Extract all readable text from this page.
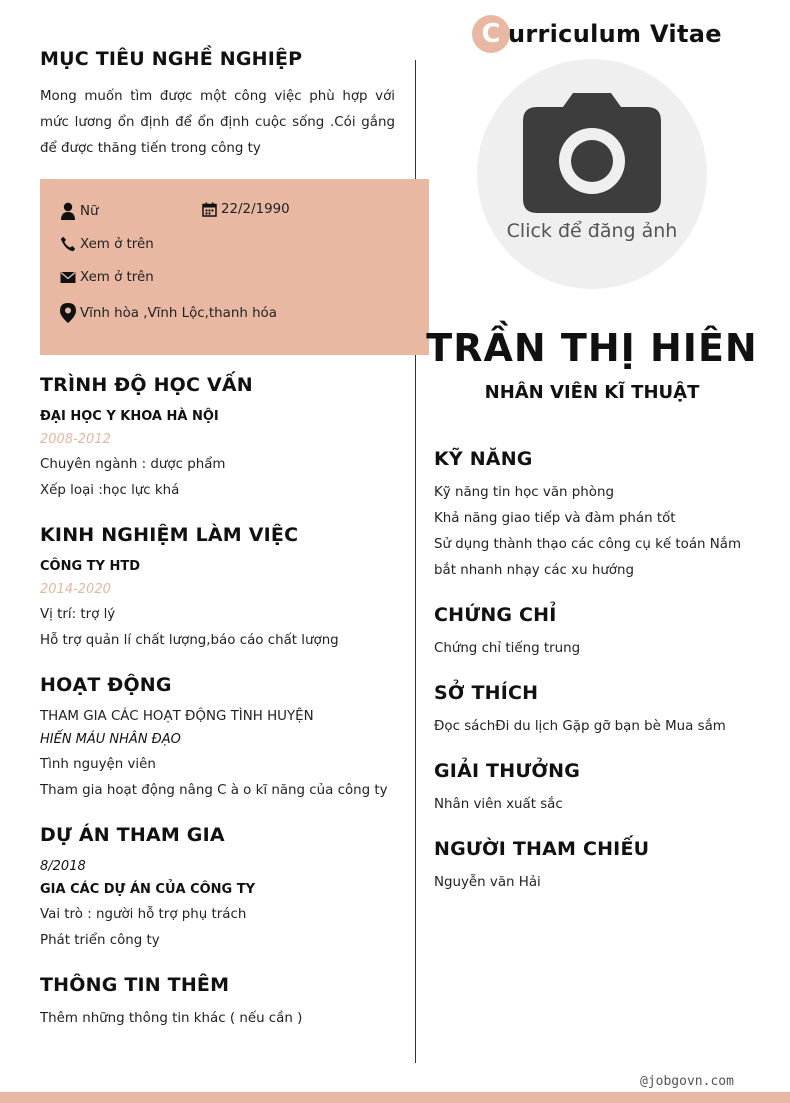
C urriculum Vitae
Click để đăng ảnh
MỤC TIÊU NGHỀ NGHIỆP
Mong muốn tìm được một công việc phù hợp với mức lương ổn định để ổn định cuộc sống .Cói gắng để được thăng tiến trong công ty
Nữ	22/2/1990
Xem ở trên
Xem ở trên
Vĩnh hòa ,Vĩnh Lộc,thanh hóa
TRÌNH ĐỘ HỌC VẤN
ĐẠI HỌC Y KHOA HÀ NỘI
2008-2012
Chuyên ngành : dược phẩm
Xếp loại :học lực khá
KINH NGHIỆM LÀM VIỆC
CÔNG TY HTD
2014-2020
Vị trí: trợ lý
Hỗ trợ quản lí chất lượng,báo cáo chất lượng
HOẠT ĐỘNG
THAM GIA CÁC HOẠT ĐỘNG TÌNH HUYỆN
HIẾN MÁU NHÂN ĐẠO
Tình nguyện viên
Tham gia hoạt động nâng C à o kĩ năng của công ty
DỰ ÁN THAM GIA
8/2018
GIA CÁC DỰ ÁN CỦA CÔNG TY
Vai trò : người hỗ trợ phụ trách
Phát triển công ty
THÔNG TIN THÊM
Thêm những thông tin khác ( nếu cần )
TRẦN THỊ HIÊN
NHÂN VIÊN KĨ THUẬT
KỸ NĂNG
Kỹ năng tin học văn phòng
Khả năng giao tiếp và đàm phán tốt
Sử dụng thành thạo các công cụ kế toán Nắm bắt nhanh nhạy các xu hướng
CHỨNG CHỈ
Chứng chỉ tiếng trung
SỞ THÍCH
Đọc sáchĐi du lịch Gặp gỡ bạn bè Mua sắm
GIẢI THƯỞNG
Nhân viên xuất sắc
NGƯỜI THAM CHIẾU
Nguyễn văn Hải
@jobgovn.com
